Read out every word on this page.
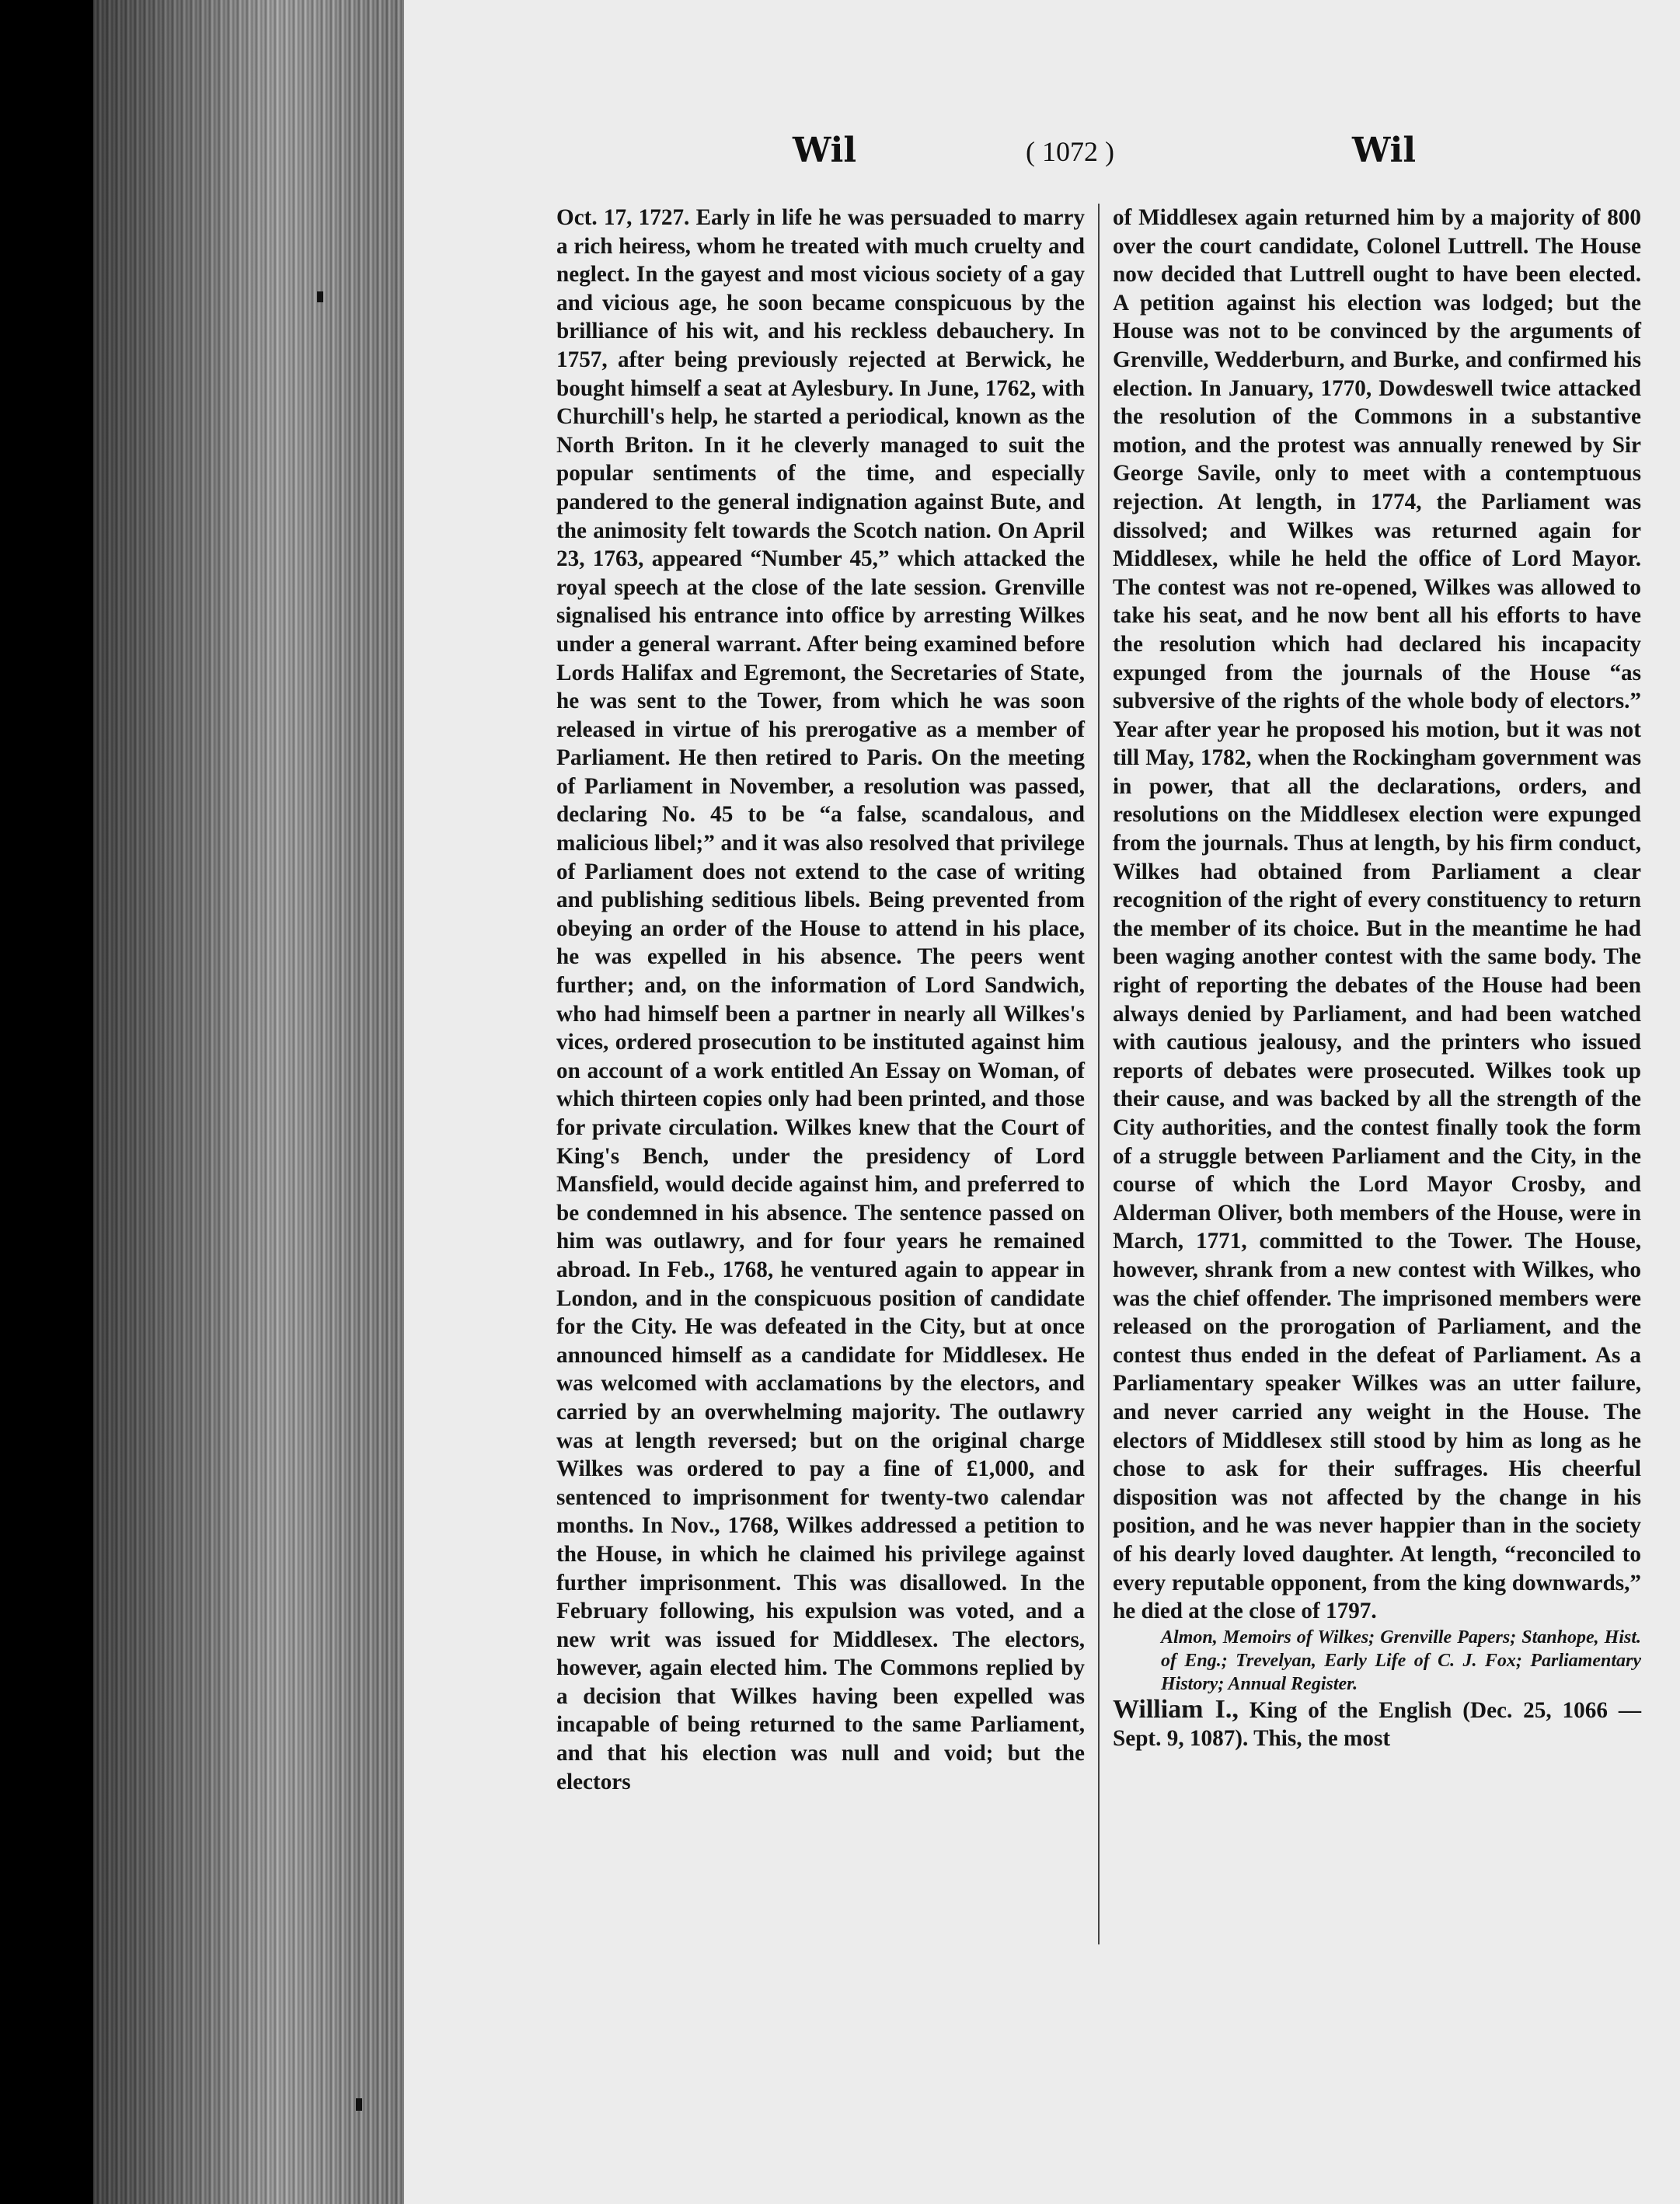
Wil	( 1072 )	Wil

Oct. 17, 1727. Early in life he was persuaded to marry a rich heiress, whom he treated with much cruelty and neglect. In the gayest and most vicious society of a gay and vicious age, he soon became conspicuous by the brilliance of his wit, and his reckless debauchery. In 1757, after being previously rejected at Berwick, he bought himself a seat at Aylesbury. In June, 1762, with Churchill's help, he started a periodical, known as the North Briton. In it he cleverly managed to suit the popular sentiments of the time, and especially pandered to the general indignation against Bute, and the animosity felt towards the Scotch nation. On April 23, 1763, appeared “Number 45,” which attacked the royal speech at the close of the late session. Grenville signalised his entrance into office by arresting Wilkes under a general warrant. After being examined before Lords Halifax and Egremont, the Secretaries of State, he was sent to the Tower, from which he was soon released in virtue of his prerogative as a member of Parliament. He then retired to Paris. On the meeting of Parliament in November, a resolution was passed, declaring No. 45 to be “a false, scandalous, and malicious libel;” and it was also resolved that privilege of Parliament does not extend to the case of writing and publishing seditious libels. Being prevented from obeying an order of the House to attend in his place, he was expelled in his absence. The peers went further; and, on the information of Lord Sandwich, who had himself been a partner in nearly all Wilkes's vices, ordered prosecution to be instituted against him on account of a work entitled An Essay on Woman, of which thirteen copies only had been printed, and those for private circulation. Wilkes knew that the Court of King's Bench, under the presidency of Lord Mansfield, would decide against him, and preferred to be condemned in his absence. The sentence passed on him was outlawry, and for four years he remained abroad. In Feb., 1768, he ventured again to appear in London, and in the conspicuous position of candidate for the City. He was defeated in the City, but at once announced himself as a candidate for Middlesex. He was welcomed with acclamations by the electors, and carried by an overwhelming majority. The outlawry was at length reversed; but on the original charge Wilkes was ordered to pay a fine of £1,000, and sentenced to imprisonment for twenty-two calendar months. In Nov., 1768, Wilkes addressed a petition to the House, in which he claimed his privilege against further imprisonment. This was disallowed. In the February following, his expulsion was voted, and a new writ was issued for Middlesex. The electors, however, again elected him. The Commons replied by a decision that Wilkes having been expelled was incapable of being returned to the same Parliament, and that his election was null and void; but the electors

of Middlesex again returned him by a majority of 800 over the court candidate, Colonel Luttrell. The House now decided that Luttrell ought to have been elected. A petition against his election was lodged; but the House was not to be convinced by the arguments of Grenville, Wedderburn, and Burke, and confirmed his election. In January, 1770, Dowdeswell twice attacked the resolution of the Commons in a substantive motion, and the protest was annually renewed by Sir George Savile, only to meet with a contemptuous rejection. At length, in 1774, the Parliament was dissolved; and Wilkes was returned again for Middlesex, while he held the office of Lord Mayor. The contest was not re-opened, Wilkes was allowed to take his seat, and he now bent all his efforts to have the resolution which had declared his incapacity expunged from the journals of the House “as subversive of the rights of the whole body of electors.” Year after year he proposed his motion, but it was not till May, 1782, when the Rockingham government was in power, that all the declarations, orders, and resolutions on the Middlesex election were expunged from the journals. Thus at length, by his firm conduct, Wilkes had obtained from Parliament a clear recognition of the right of every constituency to return the member of its choice. But in the meantime he had been waging another contest with the same body. The right of reporting the debates of the House had been always denied by Parliament, and had been watched with cautious jealousy, and the printers who issued reports of debates were prosecuted. Wilkes took up their cause, and was backed by all the strength of the City authorities, and the contest finally took the form of a struggle between Parliament and the City, in the course of which the Lord Mayor Crosby, and Alderman Oliver, both members of the House, were in March, 1771, committed to the Tower. The House, however, shrank from a new contest with Wilkes, who was the chief offender. The imprisoned members were released on the prorogation of Parliament, and the contest thus ended in the defeat of Parliament. As a Parliamentary speaker Wilkes was an utter failure, and never carried any weight in the House. The electors of Middlesex still stood by him as long as he chose to ask for their suffrages. His cheerful disposition was not affected by the change in his position, and he was never happier than in the society of his dearly loved daughter. At length, “reconciled to every reputable opponent, from the king downwards,” he died at the close of 1797.

Almon, Memoirs of Wilkes; Grenville Papers; Stanhope, Hist. of Eng.; Trevelyan, Early Life of C. J. Fox; Parliamentary History; Annual Register.

William I., King of the English (Dec. 25, 1066 — Sept. 9, 1087). This, the most
